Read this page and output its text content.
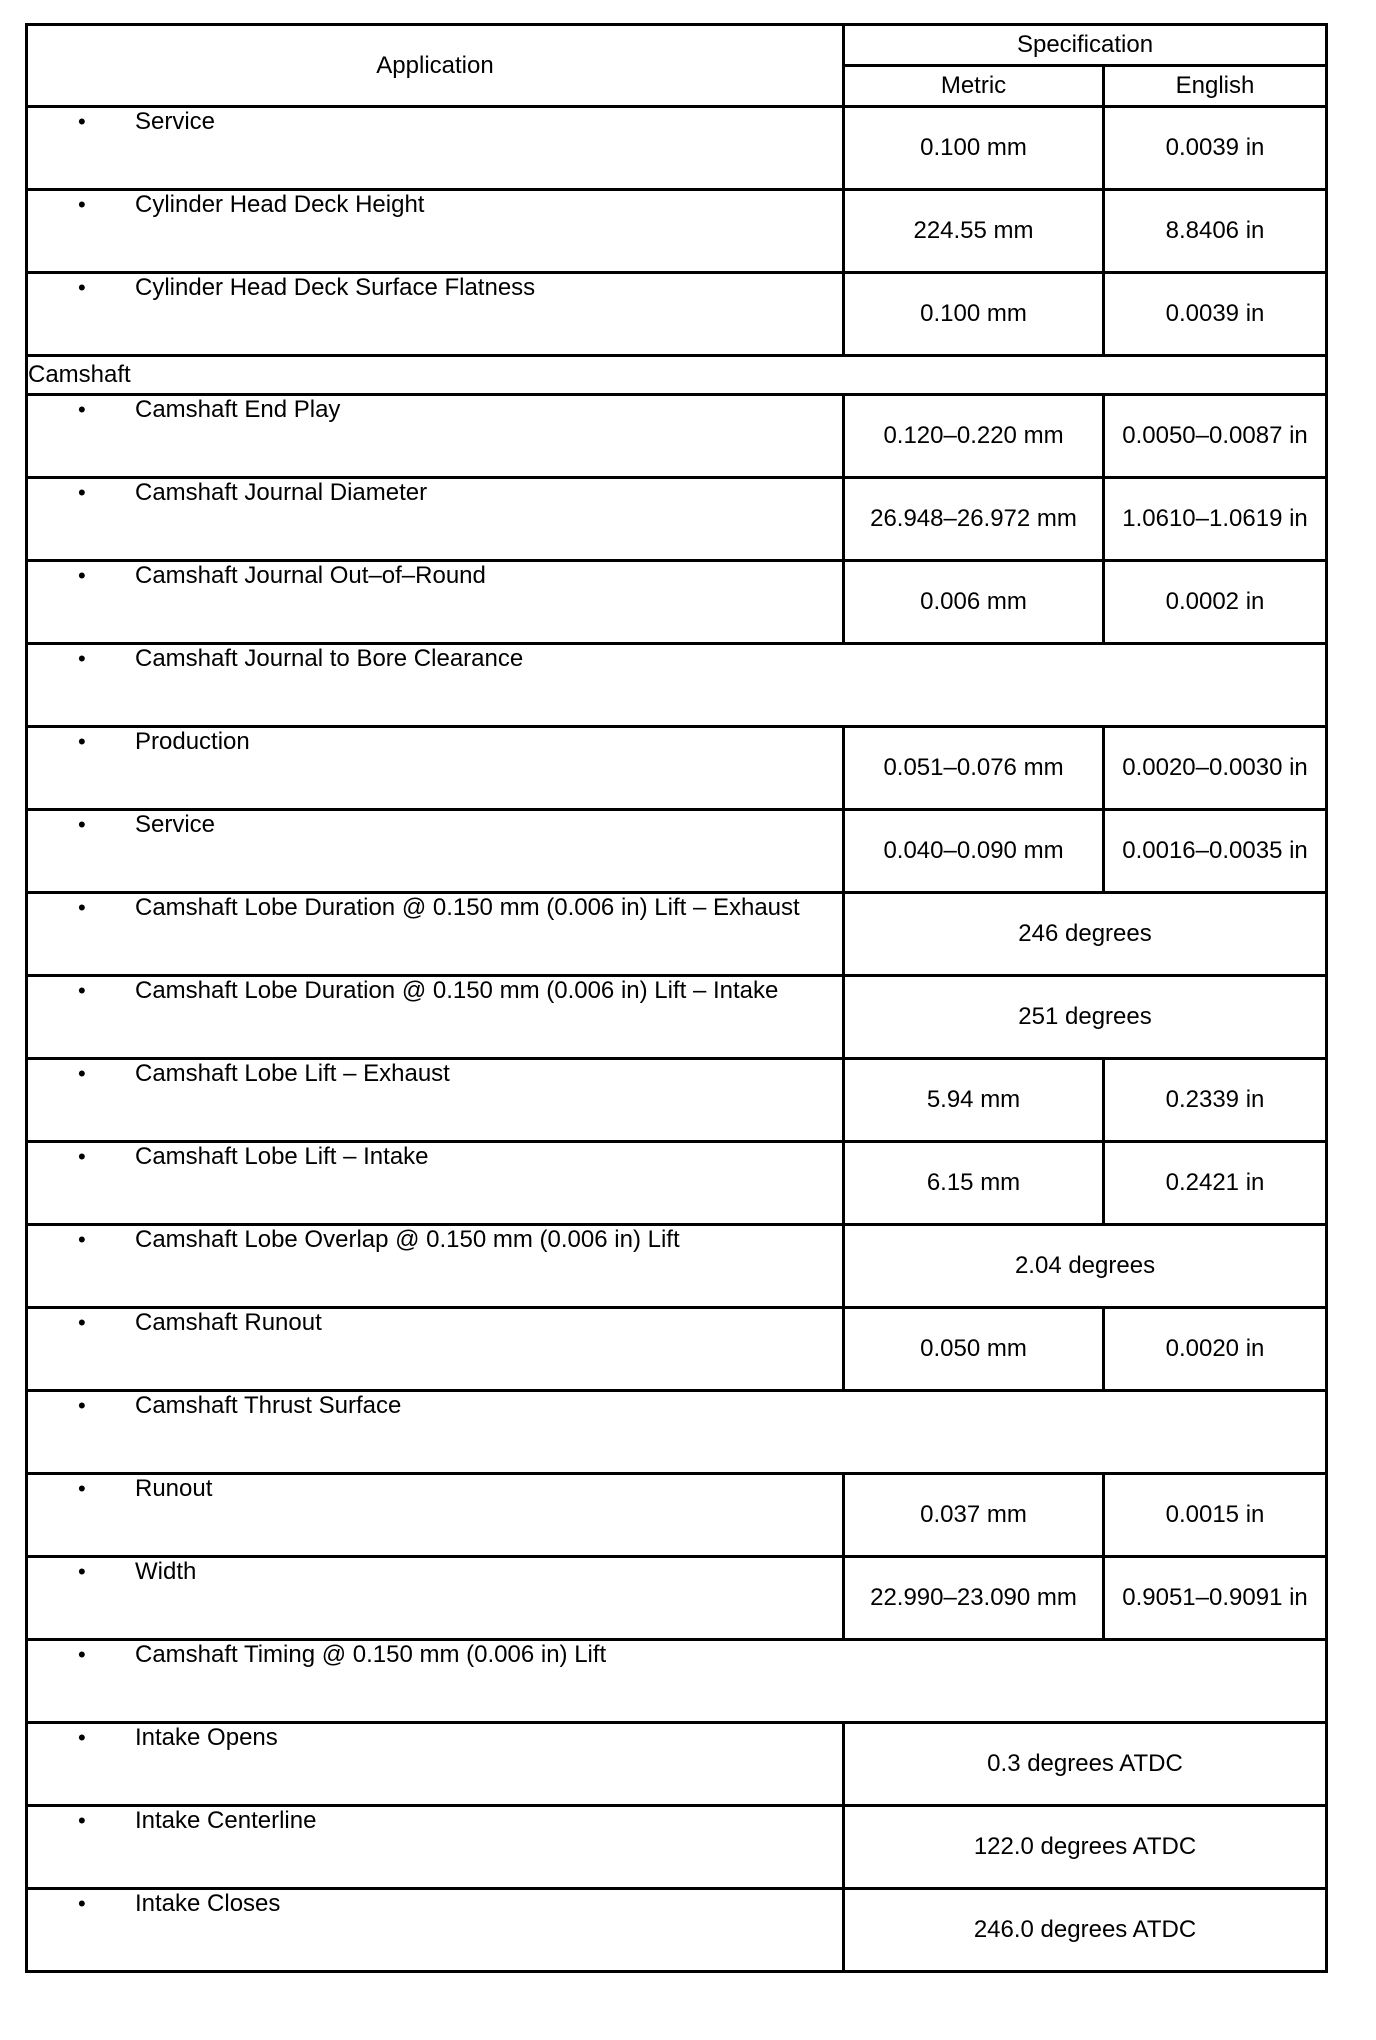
Application	Specification	
	Metric	English
• Service	0.100 mm	0.0039 in
• Cylinder Head Deck Height	224.55 mm	8.8406 in
• Cylinder Head Deck Surface Flatness	0.100 mm	0.0039 in
Camshaft		
• Camshaft End Play	0.120–0.220 mm	0.0050–0.0087 in
• Camshaft Journal Diameter	26.948–26.972 mm	1.0610–1.0619 in
• Camshaft Journal Out–of–Round	0.006 mm	0.0002 in
• Camshaft Journal to Bore Clearance		
• Production	0.051–0.076 mm	0.0020–0.0030 in
• Service	0.040–0.090 mm	0.0016–0.0035 in
• Camshaft Lobe Duration @ 0.150 mm (0.006 in) Lift – Exhaust	246 degrees	
• Camshaft Lobe Duration @ 0.150 mm (0.006 in) Lift – Intake	251 degrees	
• Camshaft Lobe Lift – Exhaust	5.94 mm	0.2339 in
• Camshaft Lobe Lift – Intake	6.15 mm	0.2421 in
• Camshaft Lobe Overlap @ 0.150 mm (0.006 in) Lift	2.04 degrees	
• Camshaft Runout	0.050 mm	0.0020 in
• Camshaft Thrust Surface		
• Runout	0.037 mm	0.0015 in
• Width	22.990–23.090 mm	0.9051–0.9091 in
• Camshaft Timing @ 0.150 mm (0.006 in) Lift		
• Intake Opens	0.3 degrees ATDC	
• Intake Centerline	122.0 degrees ATDC	
• Intake Closes	246.0 degrees ATDC	
